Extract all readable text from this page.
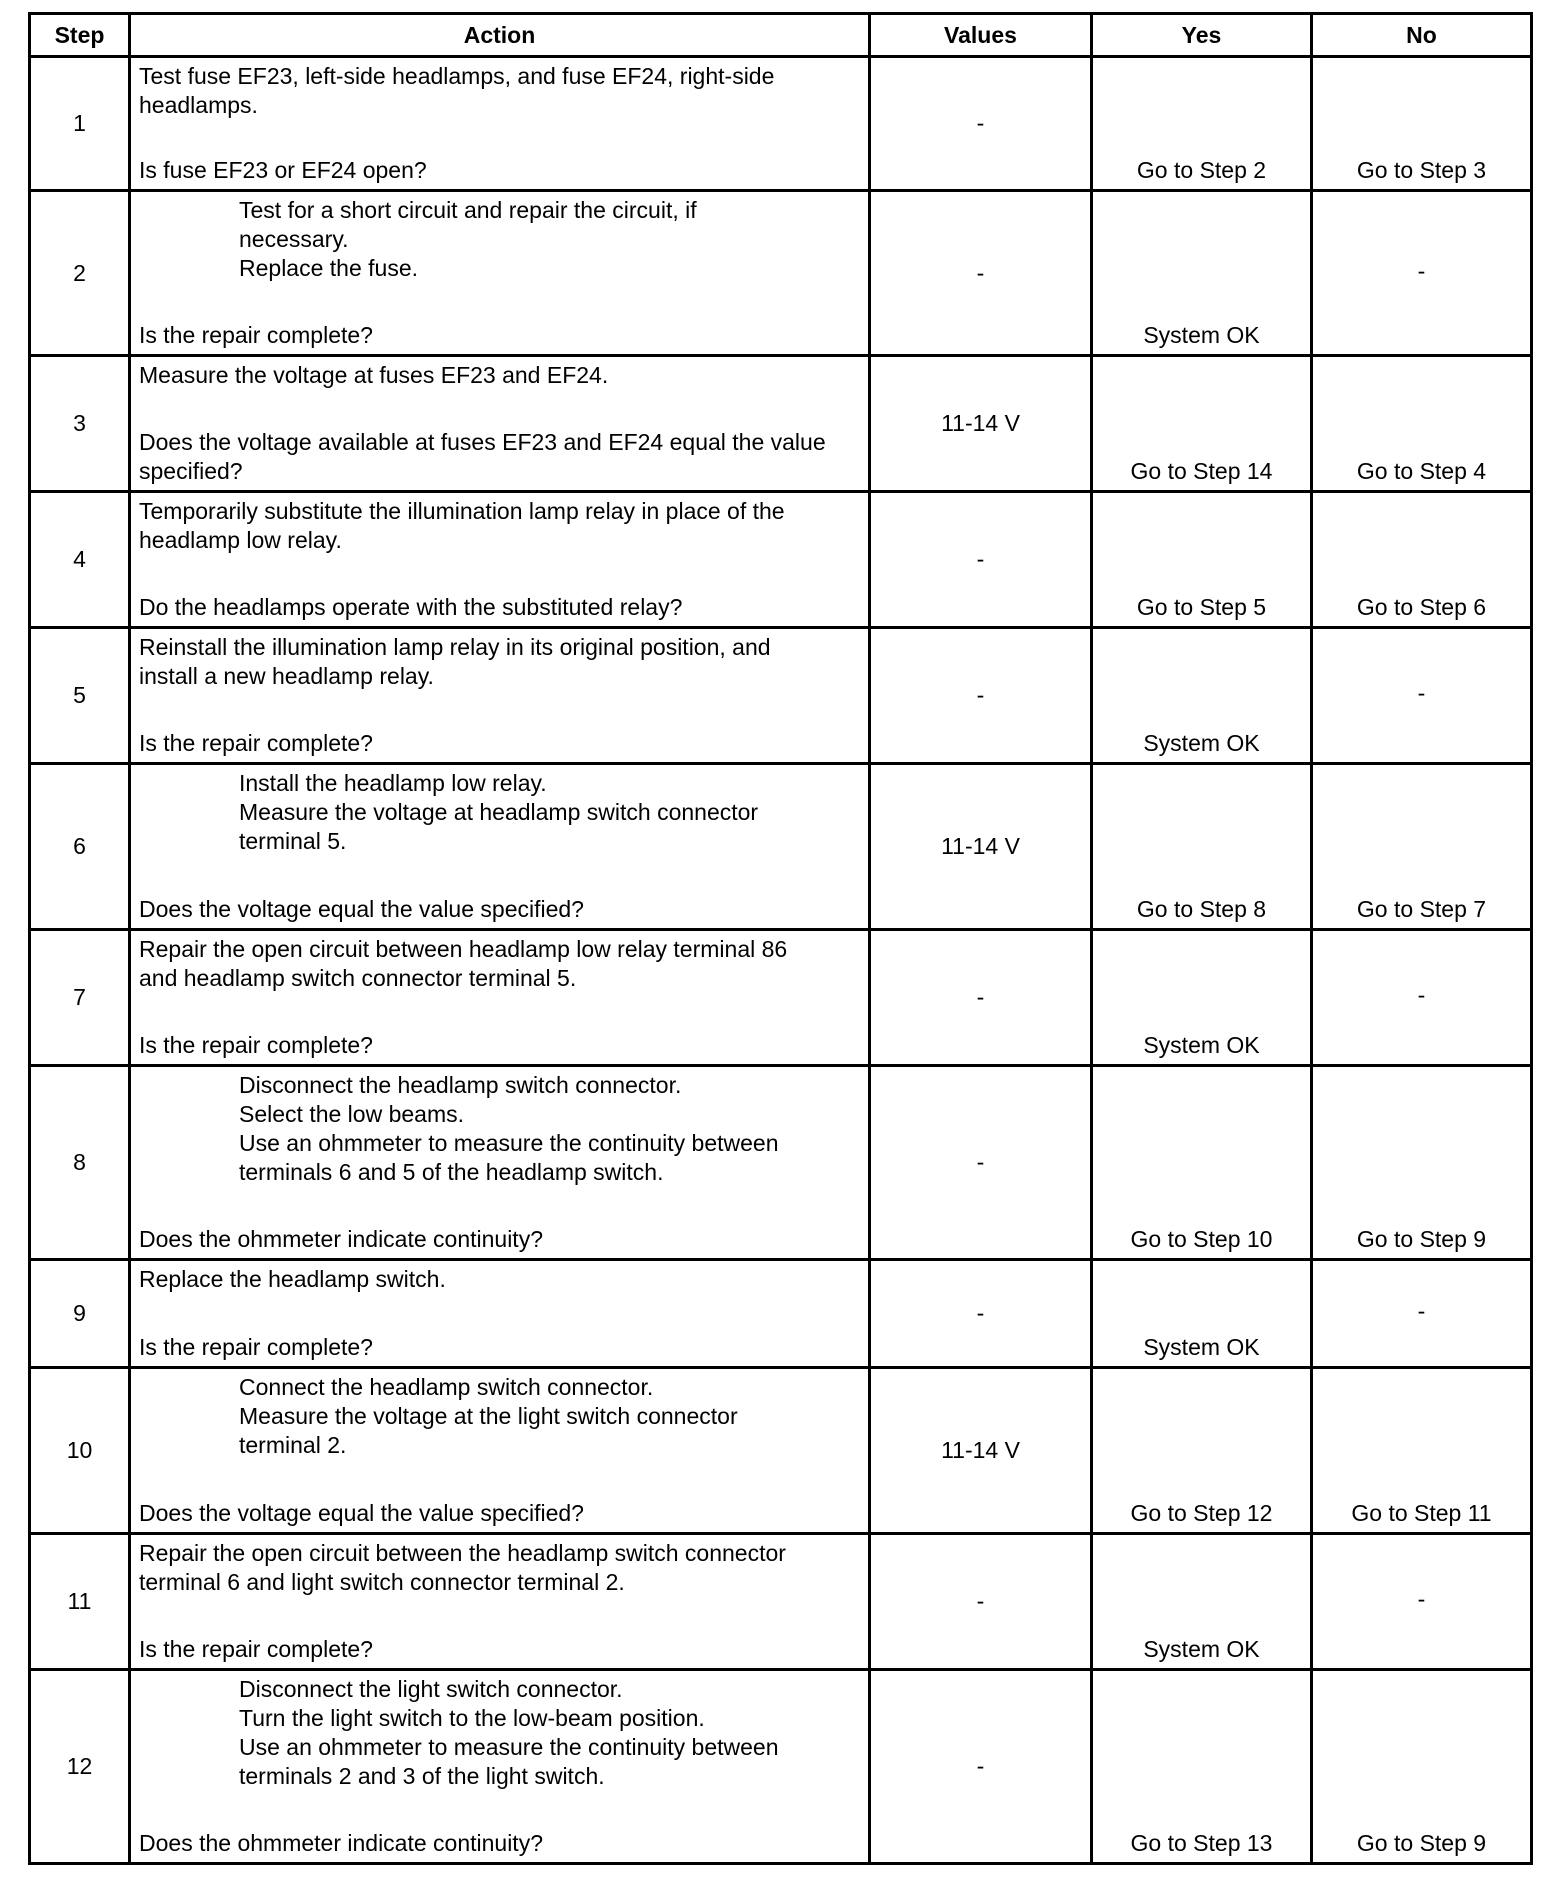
Step	Action	Values	Yes	No
1	Test fuse EF23, left-side headlamps, and fuse EF24, right-side
headlamps.
Is fuse EF23 or EF24 open?	-	Go to Step 2	Go to Step 3
2	Test for a short circuit and repair the circuit, if
necessary.
Replace the fuse.
Is the repair complete?	-	System OK	-
3	Measure the voltage at fuses EF23 and EF24.
Does the voltage available at fuses EF23 and EF24 equal the value specified?	11-14 V	Go to Step 14	Go to Step 4
4	Temporarily substitute the illumination lamp relay in place of the
headlamp low relay.
Do the headlamps operate with the substituted relay?	-	Go to Step 5	Go to Step 6
5	Reinstall the illumination lamp relay in its original position, and
install a new headlamp relay.
Is the repair complete?	-	System OK	-
6	Install the headlamp low relay.
Measure the voltage at headlamp switch connector
terminal 5.
Does the voltage equal the value specified?	11-14 V	Go to Step 8	Go to Step 7
7	Repair the open circuit between headlamp low relay terminal 86
and headlamp switch connector terminal 5.
Is the repair complete?	-	System OK	-
8	Disconnect the headlamp switch connector.
Select the low beams.
Use an ohmmeter to measure the continuity between
terminals 6 and 5 of the headlamp switch.
Does the ohmmeter indicate continuity?	-	Go to Step 10	Go to Step 9
9	Replace the headlamp switch.
Is the repair complete?	-	System OK	-
10	Connect the headlamp switch connector.
Measure the voltage at the light switch connector
terminal 2.
Does the voltage equal the value specified?	11-14 V	Go to Step 12	Go to Step 11
11	Repair the open circuit between the headlamp switch connector
terminal 6 and light switch connector terminal 2.
Is the repair complete?	-	System OK	-
12	Disconnect the light switch connector.
Turn the light switch to the low-beam position.
Use an ohmmeter to measure the continuity between
terminals 2 and 3 of the light switch.
Does the ohmmeter indicate continuity?	-	Go to Step 13	Go to Step 9
